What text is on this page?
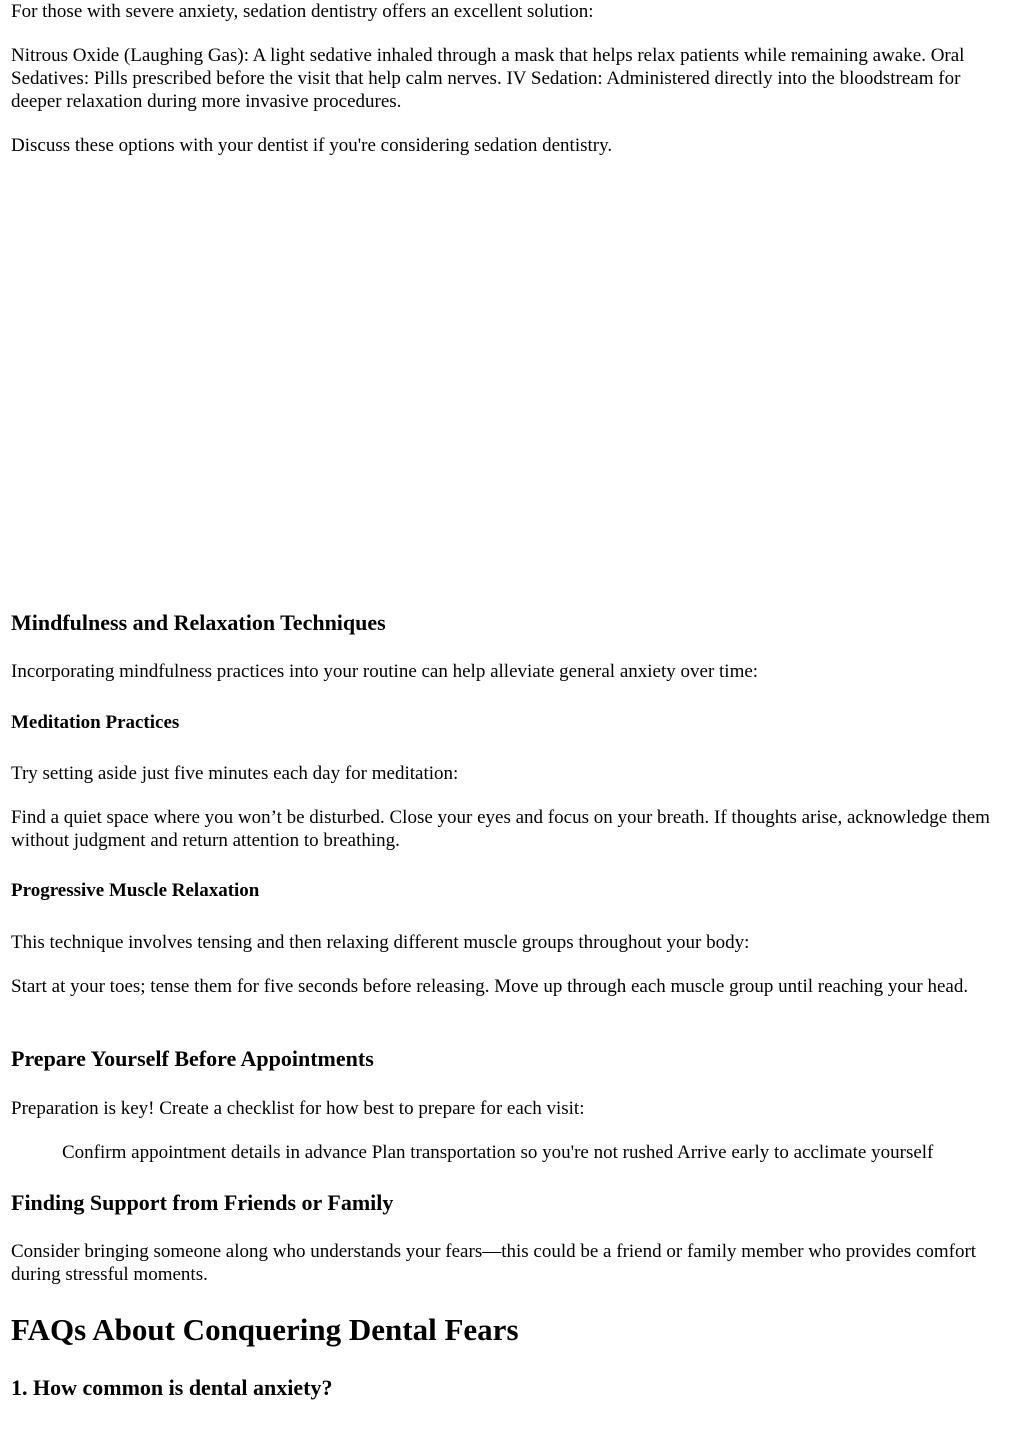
For those with severe anxiety, sedation dentistry offers an excellent solution:

Nitrous Oxide (Laughing Gas): A light sedative inhaled through a mask that helps relax patients while remaining awake. Oral Sedatives: Pills prescribed before the visit that help calm nerves. IV Sedation: Administered directly into the bloodstream for deeper relaxation during more invasive procedures.

Discuss these options with your dentist if you're considering sedation dentistry.

Mindfulness and Relaxation Techniques

Incorporating mindfulness practices into your routine can help alleviate general anxiety over time:

Meditation Practices

Try setting aside just five minutes each day for meditation:

Find a quiet space where you won’t be disturbed. Close your eyes and focus on your breath. If thoughts arise, acknowledge them without judgment and return attention to breathing.

Progressive Muscle Relaxation

This technique involves tensing and then relaxing different muscle groups throughout your body:

Start at your toes; tense them for five seconds before releasing. Move up through each muscle group until reaching your head.

Prepare Yourself Before Appointments

Preparation is key! Create a checklist for how best to prepare for each visit:

Confirm appointment details in advance Plan transportation so you're not rushed Arrive early to acclimate yourself

Finding Support from Friends or Family

Consider bringing someone along who understands your fears—this could be a friend or family member who provides comfort during stressful moments.

FAQs About Conquering Dental Fears
1. How common is dental anxiety?
